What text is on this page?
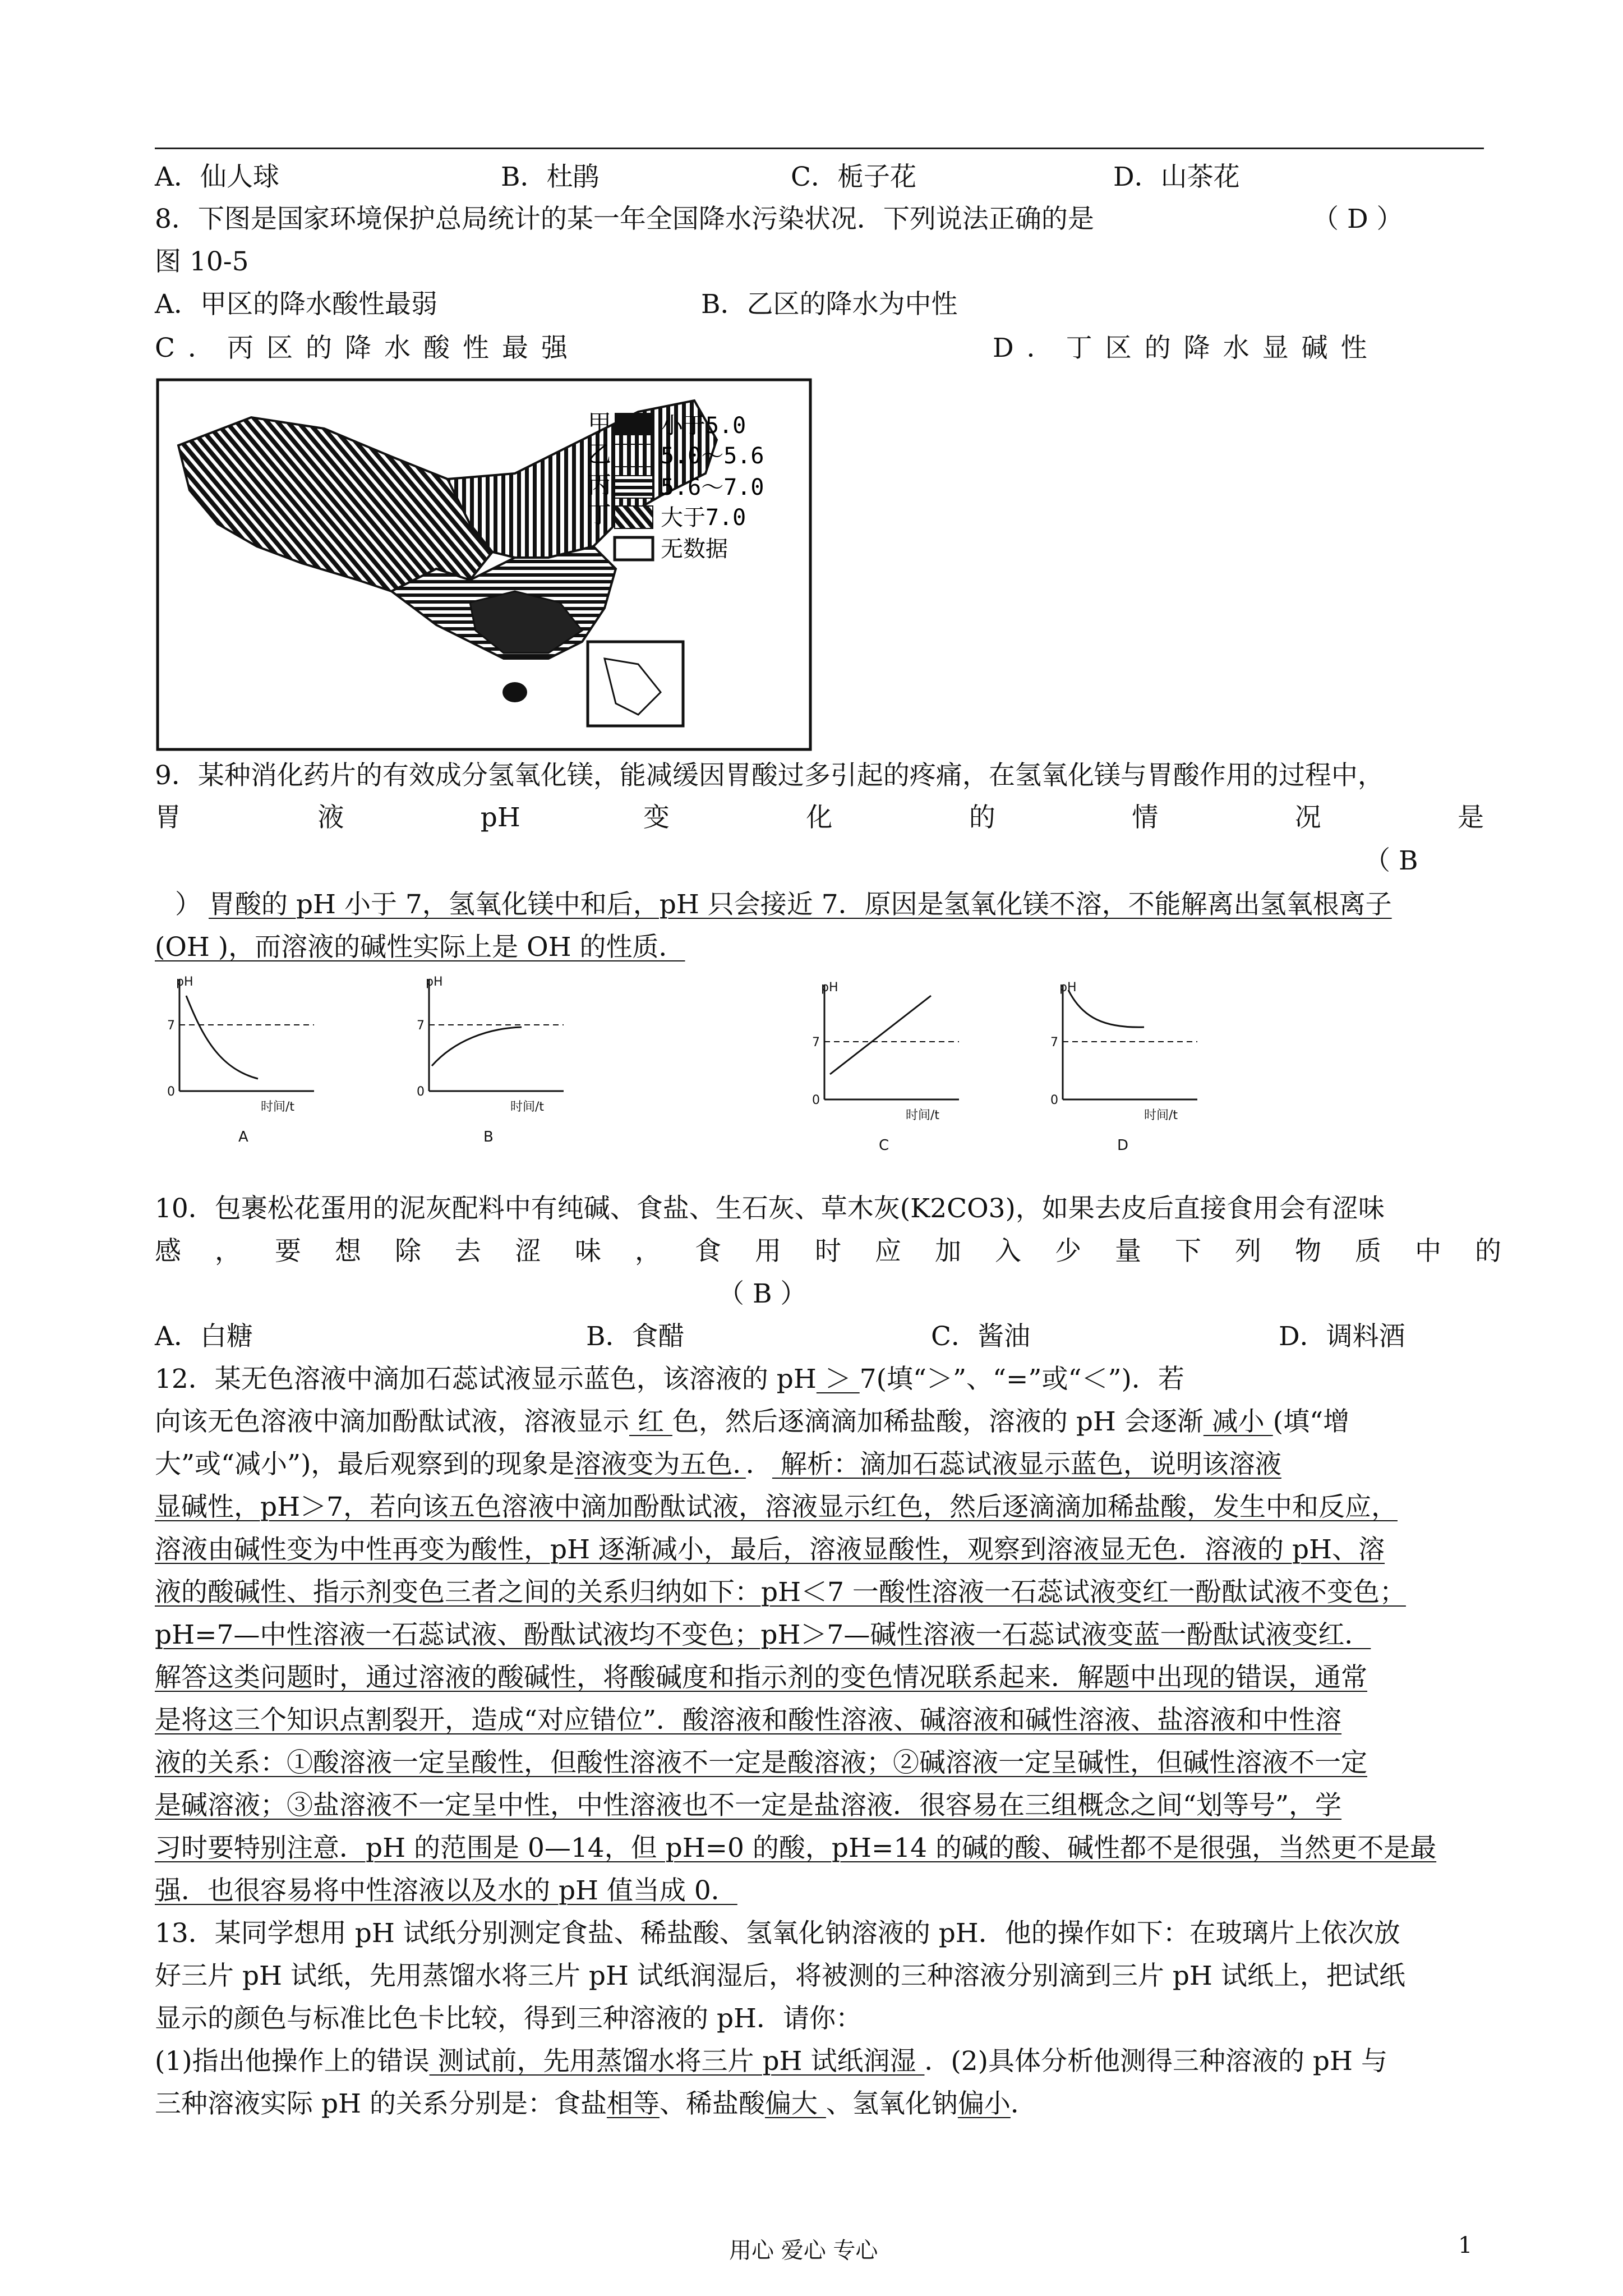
A．仙人球	B．杜鹃	C．栀子花	D．山茶花
8．下图是国家环境保护总局统计的某一年全国降水污染状况．下列说法正确的是	（ D ）
图 10-5
A．甲区的降水酸性最弱	B．乙区的降水为中性
C．丙区的降水酸性最强	D．丁区的降水显碱性
甲 小于5.0
乙 5.0～5.6
丙 5.6～7.0
丁 大于7.0
无数据
9．某种消化药片的有效成分氢氧化镁，能减缓因胃酸过多引起的疼痛，在氢氧化镁与胃酸作用的过程中，
胃 液 pH 变 化 的 情 况 是
（ B
） 胃酸的 pH 小于 7，氢氧化镁中和后，pH 只会接近 7．原因是氢氧化镁不溶，不能解离出氢氧根离子
(OH )，而溶液的碱性实际上是 OH 的性质．
pH
7
0
时间/t
A
pH
7
0
时间/t
B
pH
7
0
时间/t
C
pH
7
0
时间/t
D
10．包裹松花蛋用的泥灰配料中有纯碱、食盐、生石灰、草木灰(K2CO3)，如果去皮后直接食用会有涩味
感，要想除去涩味，食用时应加入少量下列物质中的
（ B ）
A．白糖	B．食醋	C．酱油	D．调料酒
12．某无色溶液中滴加石蕊试液显示蓝色，该溶液的 pH ＞ 7(填“＞”、“=”或“＜”)．若
向该无色溶液中滴加酚酞试液，溶液显示 红 色，然后逐滴滴加稀盐酸，溶液的 pH 会逐渐 减小 (填“增
大”或“减小”)，最后观察到的现象是溶液变为五色．． 解析：滴加石蕊试液显示蓝色，说明该溶液
显碱性，pH＞7，若向该五色溶液中滴加酚酞试液，溶液显示红色，然后逐滴滴加稀盐酸，发生中和反应，
溶液由碱性变为中性再变为酸性，pH 逐渐减小，最后，溶液显酸性，观察到溶液显无色．溶液的 pH、溶
液的酸碱性、指示剂变色三者之间的关系归纳如下：pH＜7 一酸性溶液一石蕊试液变红一酚酞试液不变色；
pH=7—中性溶液一石蕊试液、酚酞试液均不变色；pH＞7—碱性溶液一石蕊试液变蓝一酚酞试液变红．
解答这类问题时，通过溶液的酸碱性，将酸碱度和指示剂的变色情况联系起来．解题中出现的错误，通常
是将这三个知识点割裂开，造成“对应错位”．酸溶液和酸性溶液、碱溶液和碱性溶液、盐溶液和中性溶
液的关系：①酸溶液一定呈酸性，但酸性溶液不一定是酸溶液；②碱溶液一定呈碱性，但碱性溶液不一定
是碱溶液；③盐溶液不一定呈中性，中性溶液也不一定是盐溶液．很容易在三组概念之间“划等号”，学
习时要特别注意．pH 的范围是 0—14，但 pH=0 的酸，pH=14 的碱的酸、碱性都不是很强，当然更不是最
强．也很容易将中性溶液以及水的 pH 值当成 0．
13．某同学想用 pH 试纸分别测定食盐、稀盐酸、氢氧化钠溶液的 pH．他的操作如下：在玻璃片上依次放
好三片 pH 试纸，先用蒸馏水将三片 pH 试纸润湿后，将被测的三种溶液分别滴到三片 pH 试纸上，把试纸
显示的颜色与标准比色卡比较，得到三种溶液的 pH．请你：
(1)指出他操作上的错误 测试前，先用蒸馏水将三片 pH 试纸润湿 ．(2)具体分析他测得三种溶液的 pH 与
三种溶液实际 pH 的关系分别是：食盐相等、稀盐酸偏大 、氢氧化钠偏小．
用心 爱心 专心	1
